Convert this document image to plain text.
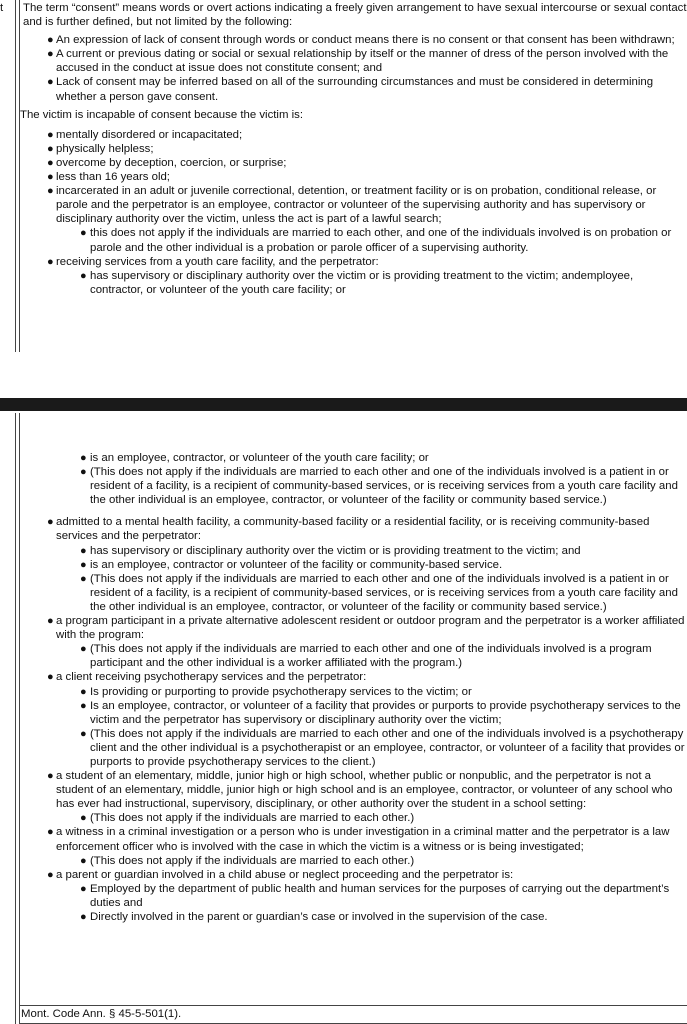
t	The term “consent” means words or overt actions indicating a freely given arrangement to have sexual intercourse or sexual contact and is further defined, but not limited by the following:

● An expression of lack of consent through words or conduct means there is no consent or that consent has been withdrawn;
● A current or previous dating or social or sexual relationship by itself or the manner of dress of the person involved with the accused in the conduct at issue does not constitute consent; and
● Lack of consent may be inferred based on all of the surrounding circumstances and must be considered in determining whether a person gave consent.

The victim is incapable of consent because the victim is:

● mentally disordered or incapacitated;
● physically helpless;
● overcome by deception, coercion, or surprise;
● less than 16 years old;
● incarcerated in an adult or juvenile correctional, detention, or treatment facility or is on probation, conditional release, or parole and the perpetrator is an employee, contractor or volunteer of the supervising authority and has supervisory or disciplinary authority over the victim, unless the act is part of a lawful search;
● this does not apply if the individuals are married to each other, and one of the individuals involved is on probation or parole and the other individual is a probation or parole officer of a supervising authority.
● receiving services from a youth care facility, and the perpetrator:
● has supervisory or disciplinary authority over the victim or is providing treatment to the victim; andemployee, contractor, or volunteer of the youth care facility; or
● is an employee, contractor, or volunteer of the youth care facility; or
● (This does not apply if the individuals are married to each other and one of the individuals involved is a patient in or resident of a facility, is a recipient of community-based services, or is receiving services from a youth care facility and the other individual is an employee, contractor, or volunteer of the facility or community based service.)
● admitted to a mental health facility, a community-based facility or a residential facility, or is receiving community-based services and the perpetrator:
● has supervisory or disciplinary authority over the victim or is providing treatment to the victim; and
● is an employee, contractor or volunteer of the facility or community-based service.
● (This does not apply if the individuals are married to each other and one of the individuals involved is a patient in or resident of a facility, is a recipient of community-based services, or is receiving services from a youth care facility and the other individual is an employee, contractor, or volunteer of the facility or community based service.)
● a program participant in a private alternative adolescent resident or outdoor program and the perpetrator is a worker affiliated with the program:
● (This does not apply if the individuals are married to each other and one of the individuals involved is a program participant and the other individual is a worker affiliated with the program.)
● a client receiving psychotherapy services and the perpetrator:
● Is providing or purporting to provide psychotherapy services to the victim; or
● Is an employee, contractor, or volunteer of a facility that provides or purports to provide psychotherapy services to the victim and the perpetrator has supervisory or disciplinary authority over the victim;
● (This does not apply if the individuals are married to each other and one of the individuals involved is a psychotherapy client and the other individual is a psychotherapist or an employee, contractor, or volunteer of a facility that provides or purports to provide psychotherapy services to the client.)
● a student of an elementary, middle, junior high or high school, whether public or nonpublic, and the perpetrator is not a student of an elementary, middle, junior high or high school and is an employee, contractor, or volunteer of any school who has ever had instructional, supervisory, disciplinary, or other authority over the student in a school setting:
● (This does not apply if the individuals are married to each other.)
● a witness in a criminal investigation or a person who is under investigation in a criminal matter and the perpetrator is a law enforcement officer who is involved with the case in which the victim is a witness or is being investigated;
● (This does not apply if the individuals are married to each other.)
● a parent or guardian involved in a child abuse or neglect proceeding and the perpetrator is:
● Employed by the department of public health and human services for the purposes of carrying out the department’s duties and
● Directly involved in the parent or guardian’s case or involved in the supervision of the case.
Mont. Code Ann. § 45-5-501(1).
